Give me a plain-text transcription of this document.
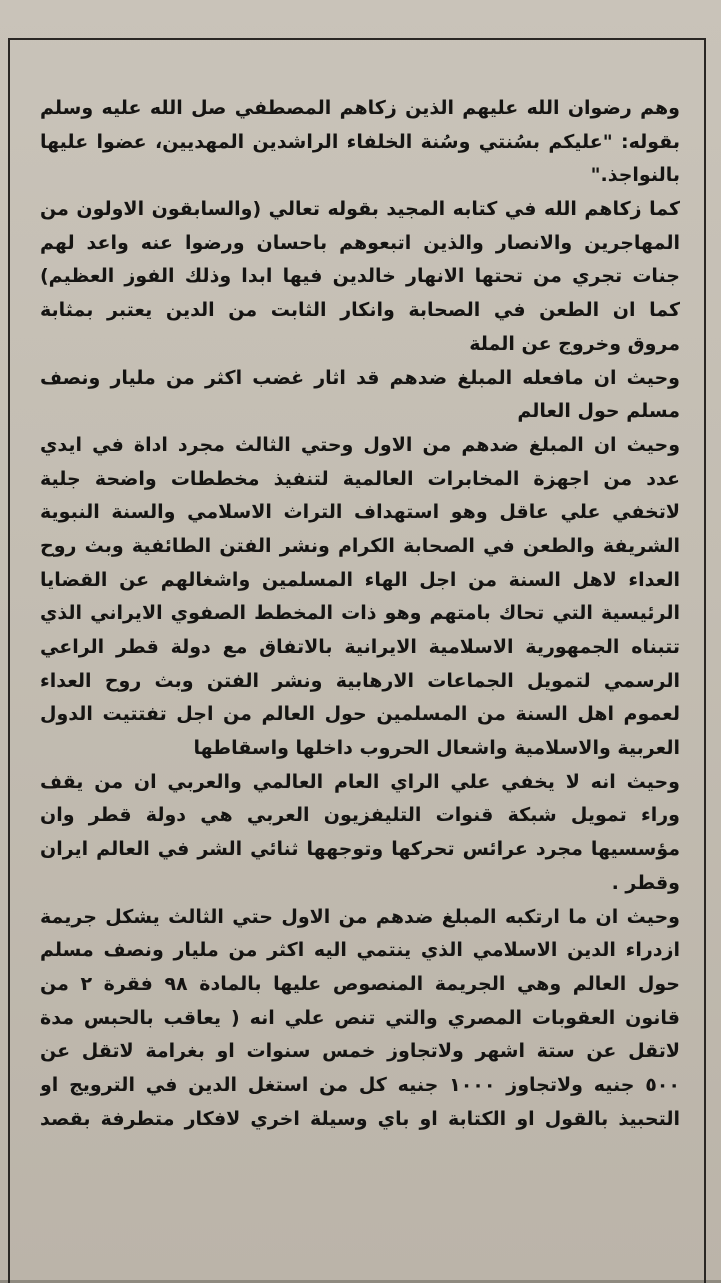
وهم رضوان الله عليهم الذين زكاهم المصطفي صل الله عليه وسلم
بقوله: "عليكم بسُنتي وسُنة الخلفاء الراشدين المهديين، عضوا عليها
بالنواجذ."
كما زكاهم الله في كتابه المجيد بقوله تعالي (والسابقون الاولون من
المهاجرين والانصار والذين اتبعوهم باحسان ورضوا عنه واعد لهم
جنات تجري من تحتها الانهار خالدين فيها ابدا وذلك الفوز العظيم)
كما ان الطعن في الصحابة وانكار الثابت من الدين يعتبر بمثابة
مروق وخروج عن الملة
وحيث ان مافعله المبلغ ضدهم قد اثار غضب اكثر من مليار ونصف
مسلم حول العالم
وحيث ان المبلغ ضدهم من الاول وحتي الثالث مجرد اداة في ايدي
عدد من اجهزة المخابرات العالمية لتنفيذ مخططات واضحة جلية
لاتخفي علي عاقل وهو استهداف التراث الاسلامي والسنة النبوية
الشريفة والطعن في الصحابة الكرام ونشر الفتن الطائفية وبث روح
العداء لاهل السنة من اجل الهاء المسلمين واشغالهم عن القضايا
الرئيسية التي تحاك بامتهم وهو ذات المخطط الصفوي الايراني الذي
تتبناه الجمهورية الاسلامية الايرانية بالاتفاق مع دولة قطر الراعي
الرسمي لتمويل الجماعات الارهابية ونشر الفتن وبث روح العداء
لعموم اهل السنة من المسلمين حول العالم من اجل تفتتيت الدول
العربية والاسلامية واشعال الحروب داخلها واسقاطها
وحيث انه لا يخفي علي الراي العام العالمي والعربي ان من يقف
وراء تمويل شبكة قنوات التليفزيون العربي هي دولة قطر وان
مؤسسيها مجرد عرائس تحركها وتوجهها ثنائي الشر في العالم ايران
وقطر .
وحيث ان ما ارتكبه المبلغ ضدهم من الاول حتي الثالث يشكل جريمة
ازدراء الدين الاسلامي الذي ينتمي اليه اكثر من مليار ونصف مسلم
حول العالم وهي الجريمة المنصوص عليها بالمادة ٩٨ فقرة ٢ من
قانون العقوبات المصري والتي تنص علي انه ( يعاقب بالحبس مدة
لاتقل عن ستة اشهر ولاتجاوز خمس سنوات او بغرامة لاتقل عن
٥٠٠ جنيه ولاتجاوز ١٠٠٠ جنيه كل من استغل الدين في الترويج او
التحبيذ بالقول او الكتابة او باي وسيلة اخري لافكار متطرفة بقصد
